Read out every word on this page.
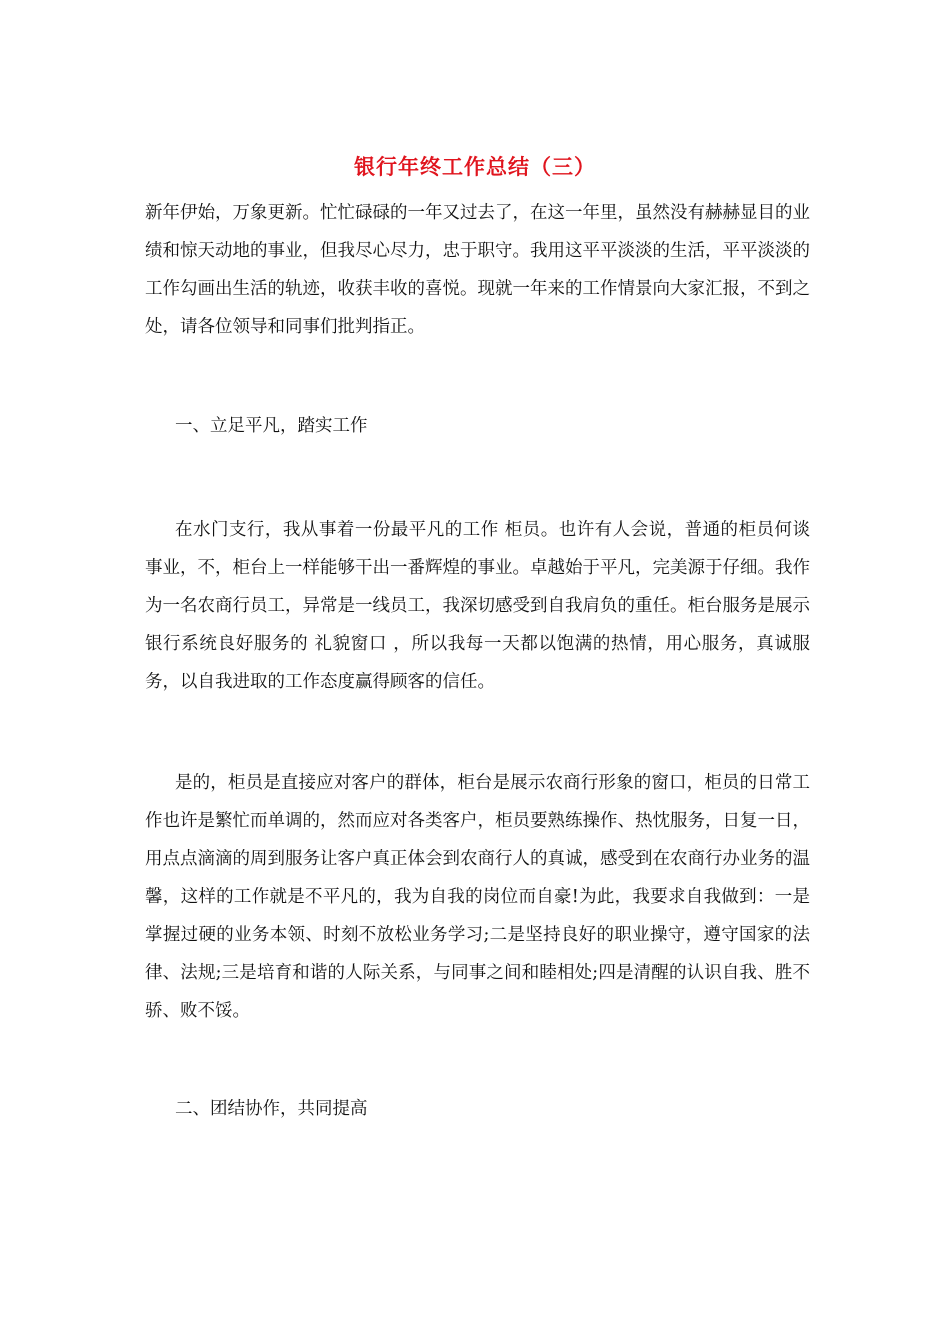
银行年终工作总结（三）

新年伊始，万象更新。忙忙碌碌的一年又过去了，在这一年里，虽然没有赫赫显目的业绩和惊天动地的事业，但我尽心尽力，忠于职守。我用这平平淡淡的生活，平平淡淡的工作勾画出生活的轨迹，收获丰收的喜悦。现就一年来的工作情景向大家汇报，不到之处，请各位领导和同事们批判指正。

一、立足平凡，踏实工作

在水门支行，我从事着一份最平凡的工作 柜员。也许有人会说，普通的柜员何谈事业，不，柜台上一样能够干出一番辉煌的事业。卓越始于平凡，完美源于仔细。我作为一名农商行员工，异常是一线员工，我深切感受到自我肩负的重任。柜台服务是展示银行系统良好服务的 礼貌窗口 ，所以我每一天都以饱满的热情，用心服务，真诚服务，以自我进取的工作态度赢得顾客的信任。

是的，柜员是直接应对客户的群体，柜台是展示农商行形象的窗口，柜员的日常工作也许是繁忙而单调的，然而应对各类客户，柜员要熟练操作、热忱服务，日复一日，用点点滴滴的周到服务让客户真正体会到农商行人的真诚，感受到在农商行办业务的温馨，这样的工作就是不平凡的，我为自我的岗位而自豪!为此，我要求自我做到：一是掌握过硬的业务本领、时刻不放松业务学习;二是坚持良好的职业操守，遵守国家的法律、法规;三是培育和谐的人际关系，与同事之间和睦相处;四是清醒的认识自我、胜不骄、败不馁。

二、团结协作，共同提高
